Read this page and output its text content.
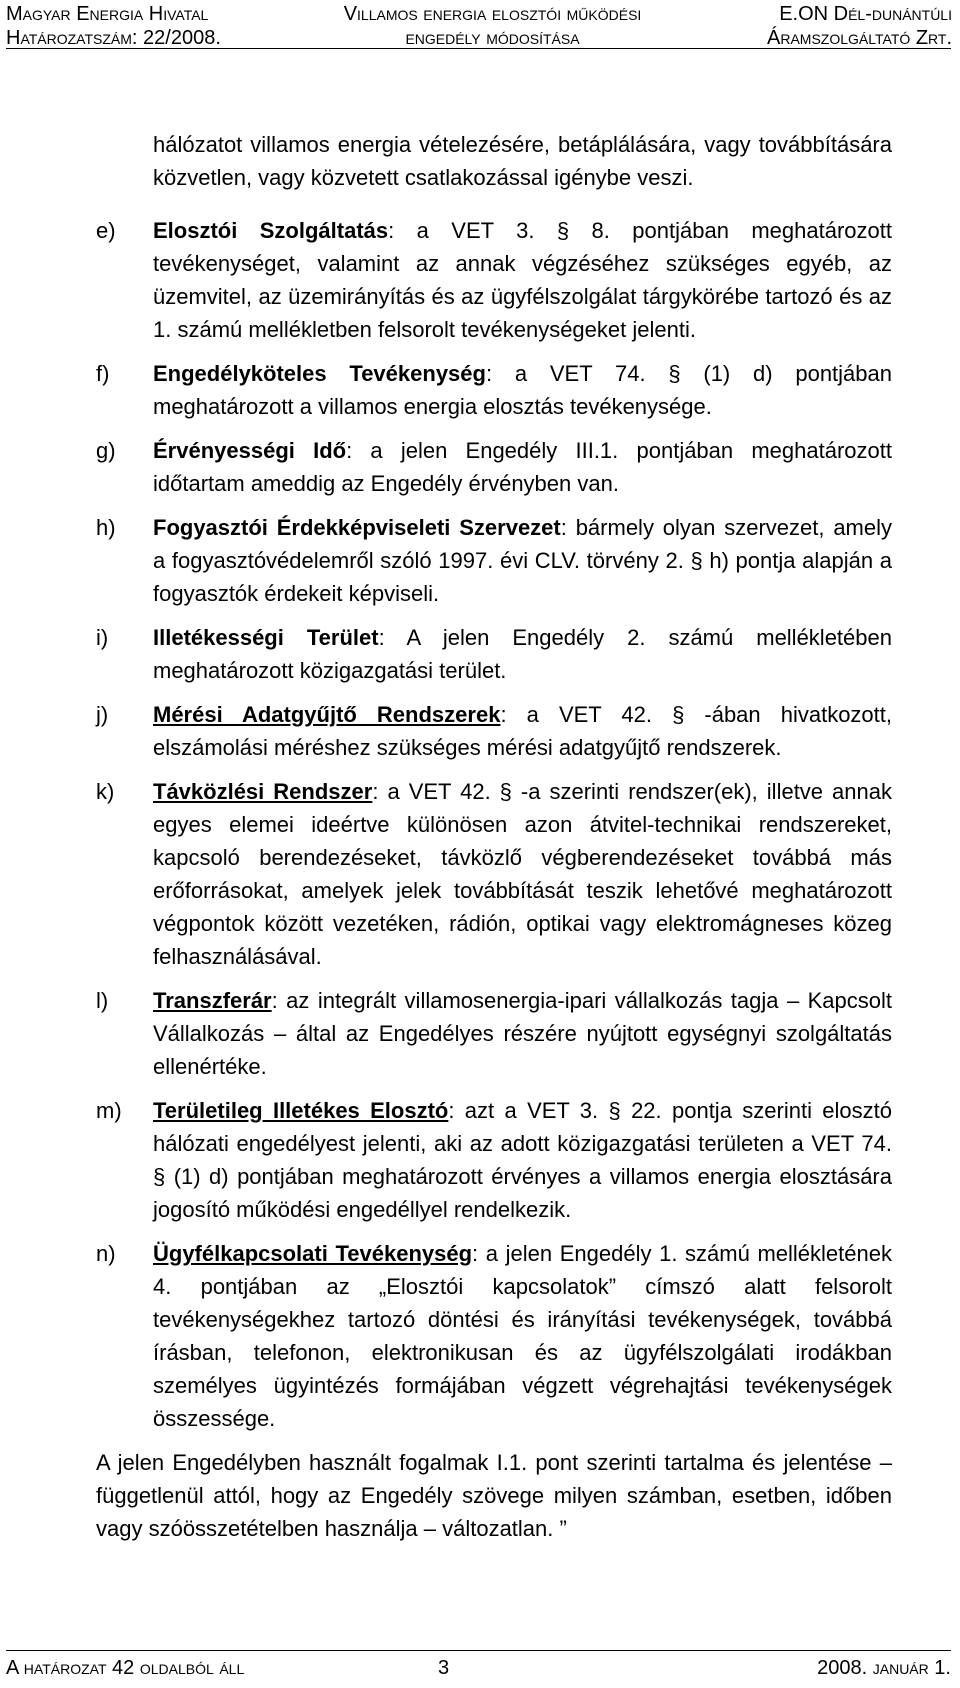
Magyar Energia Hivatal
Határozatszám: 22/2008.
Villamos energia elosztói működési
engedély módosítása
E.ON Dél-dunántúli
Áramszolgáltató Zrt.
hálózatot villamos energia vételezésére, betáplálására, vagy továbbítására közvetlen, vagy közvetett csatlakozással igénybe veszi.
e)	Elosztói Szolgáltatás: a VET 3. § 8. pontjában meghatározott tevékenységet, valamint az annak végzéséhez szükséges egyéb, az üzemvitel, az üzemirányítás és az ügyfélszolgálat tárgykörébe tartozó és az 1. számú mellékletben felsorolt tevékenységeket jelenti.
f)	Engedélyköteles Tevékenység: a VET 74. § (1) d) pontjában meghatározott a villamos energia elosztás tevékenysége.
g)	Érvényességi Idő: a jelen Engedély III.1. pontjában meghatározott időtartam ameddig az Engedély érvényben van.
h)	Fogyasztói Érdekképviseleti Szervezet: bármely olyan szervezet, amely a fogyasztóvédelemről szóló 1997. évi CLV. törvény 2. § h) pontja alapján a fogyasztók érdekeit képviseli.
i)	Illetékességi Terület: A jelen Engedély 2. számú mellékletében meghatározott közigazgatási terület.
j)	Mérési Adatgyűjtő Rendszerek: a VET 42. § -ában hivatkozott, elszámolási méréshez szükséges mérési adatgyűjtő rendszerek.
k)	Távközlési Rendszer: a VET 42. § -a szerinti rendszer(ek), illetve annak egyes elemei ideértve különösen azon átvitel-technikai rendszereket, kapcsoló berendezéseket, távközlő végberendezéseket továbbá más erőforrásokat, amelyek jelek továbbítását teszik lehetővé meghatározott végpontok között vezetéken, rádión, optikai vagy elektromágneses közeg felhasználásával.
l)	Transzferár: az integrált villamosenergia-ipari vállalkozás tagja – Kapcsolt Vállalkozás – által az Engedélyes részére nyújtott egységnyi szolgáltatás ellenértéke.
m)	Területileg Illetékes Elosztó: azt a VET 3. § 22. pontja szerinti elosztó hálózati engedélyest jelenti, aki az adott közigazgatási területen a VET 74. § (1) d) pontjában meghatározott érvényes a villamos energia elosztására jogosító működési engedéllyel rendelkezik.
n)	Ügyfélkapcsolati Tevékenység: a jelen Engedély 1. számú mellékletének 4. pontjában az „Elosztói kapcsolatok” címszó alatt felsorolt tevékenységekhez tartozó döntési és irányítási tevékenységek, továbbá írásban, telefonon, elektronikusan és az ügyfélszolgálati irodákban személyes ügyintézés formájában végzett végrehajtási tevékenységek összessége.
A jelen Engedélyben használt fogalmak I.1. pont szerinti tartalma és jelentése – függetlenül attól, hogy az Engedély szövege milyen számban, esetben, időben vagy szóösszetételben használja – változatlan. ”
A határozat 42 oldalból áll	3	2008. január 1.
